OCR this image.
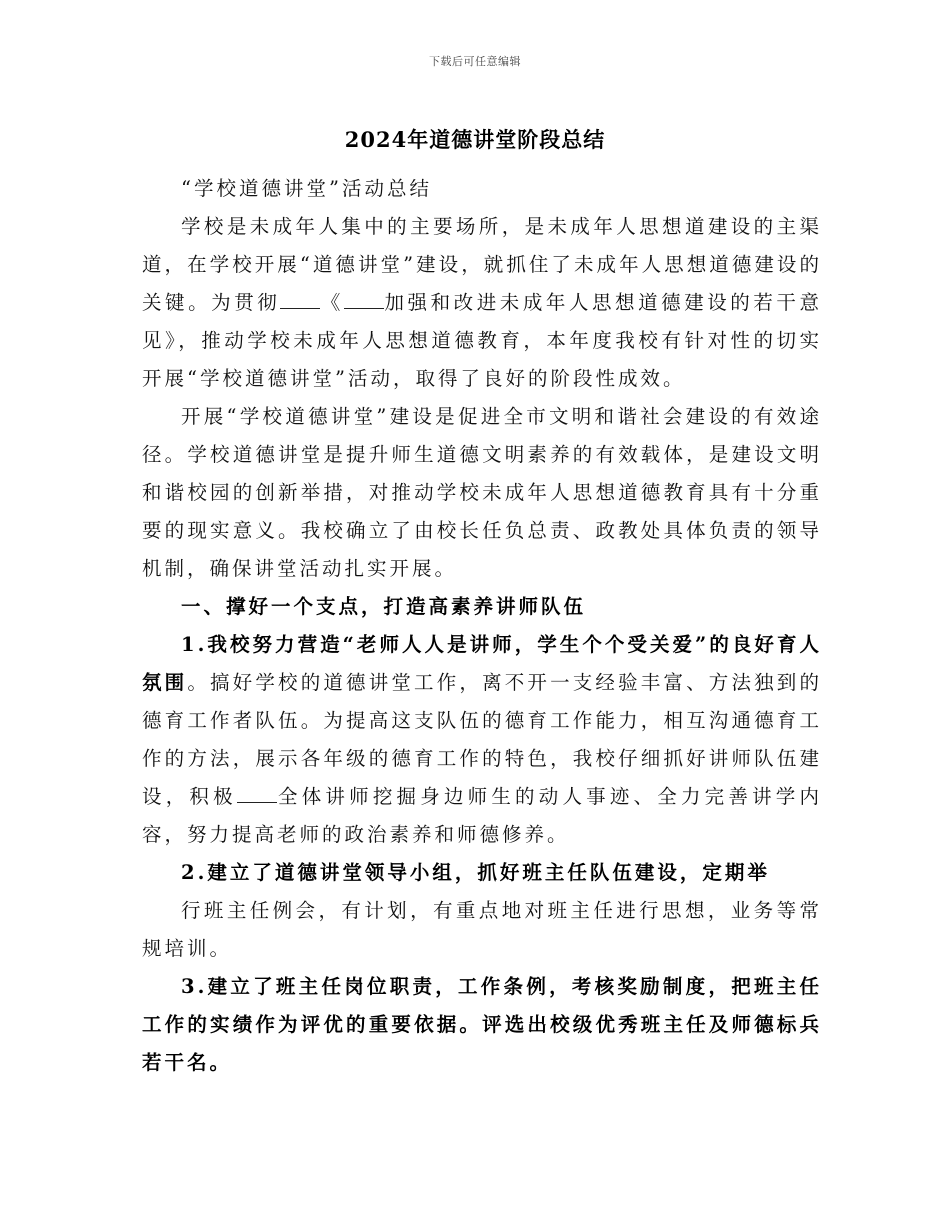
下载后可任意编辑
2024年道德讲堂阶段总结

“学校道德讲堂”活动总结

学校是未成年人集中的主要场所，是未成年人思想道建设的主渠道，在学校开展“道德讲堂”建设，就抓住了未成年人思想道德建设的关键。为贯彻 《 加强和改进未成年人思想道德建设的若干意见》，推动学校未成年人思想道德教育，本年度我校有针对性的切实开展“学校道德讲堂”活动，取得了良好的阶段性成效。

开展“学校道德讲堂”建设是促进全市文明和谐社会建设的有效途径。学校道德讲堂是提升师生道德文明素养的有效载体，是建设文明和谐校园的创新举措，对推动学校未成年人思想道德教育具有十分重要的现实意义。我校确立了由校长任负总责、政教处具体负责的领导机制，确保讲堂活动扎实开展。

一、撑好一个支点，打造高素养讲师队伍

1.我校努力营造“老师人人是讲师，学生个个受关爱”的良好育人氛围。搞好学校的道德讲堂工作，离不开一支经验丰富、方法独到的德育工作者队伍。为提高这支队伍的德育工作能力，相互沟通德育工作的方法，展示各年级的德育工作的特色，我校仔细抓好讲师队伍建设，积极 全体讲师挖掘身边师生的动人事迹、全力完善讲学内容，努力提高老师的政治素养和师德修养。

2.建立了道德讲堂领导小组，抓好班主任队伍建设，定期举

行班主任例会，有计划，有重点地对班主任进行思想，业务等常规培训。

3.建立了班主任岗位职责，工作条例，考核奖励制度，把班主任工作的实绩作为评优的重要依据。评选出校级优秀班主任及师德标兵若干名。
